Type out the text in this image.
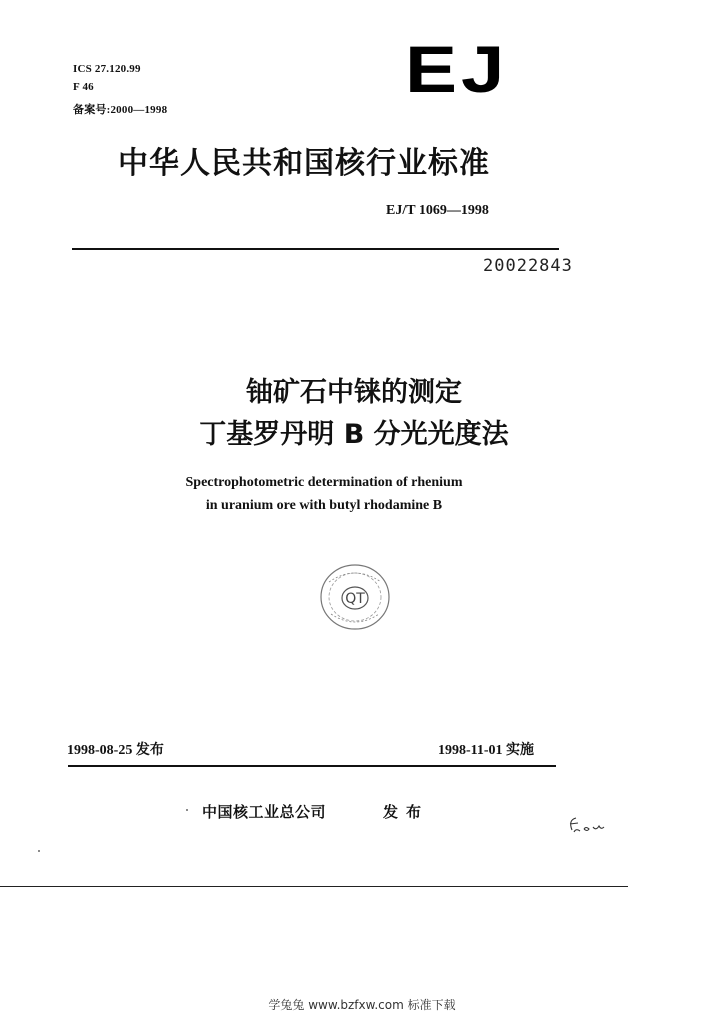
ICS 27.120.99
F 46
备案号:2000—1998
EJ
中华人民共和国核行业标准
EJ/T 1069—1998
20022843
铀矿石中铼的测定
丁基罗丹明 B 分光光度法
Spectrophotometric determination of rhenium
in uranium ore with butyl rhodamine B
QT
1998-08-25 发布	1998-11-01 实施
中国核工业总公司	发布
学兔兔 www.bzfxw.com 标准下载
